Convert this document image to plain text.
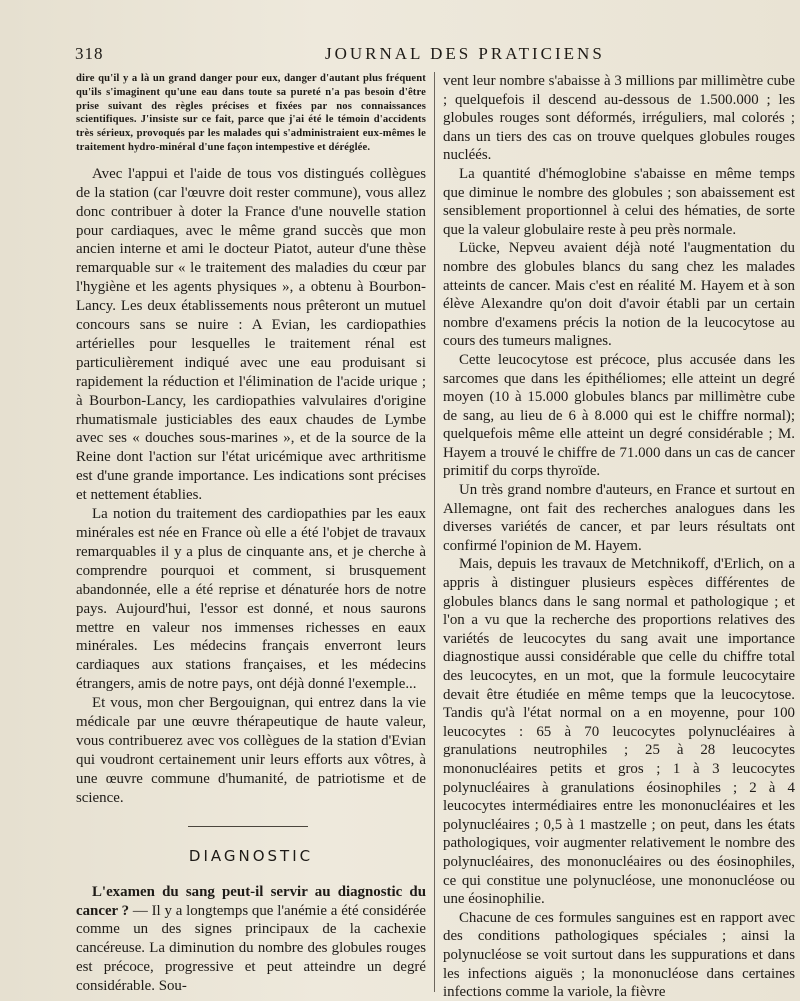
318	JOURNAL DES PRATICIENS

dire qu'il y a là un grand danger pour eux, danger d'autant plus fréquent qu'ils s'imaginent qu'une eau dans toute sa pureté n'a pas besoin d'être prise suivant des règles précises et fixées par nos connaissances scientifiques. J'insiste sur ce fait, parce que j'ai été le témoin d'accidents très sérieux, provoqués par les malades qui s'administraient eux-mêmes le traitement hydro-minéral d'une façon intempestive et déréglée.

Avec l'appui et l'aide de tous vos distingués collègues de la station (car l'œuvre doit rester commune), vous allez donc contribuer à doter la France d'une nouvelle station pour cardiaques, avec le même grand succès que mon ancien interne et ami le docteur Piatot, auteur d'une thèse remarquable sur « le traitement des maladies du cœur par l'hygiène et les agents physiques », a obtenu à Bourbon-Lancy. Les deux établissements nous prêteront un mutuel concours sans se nuire : A Evian, les cardiopathies artérielles pour lesquelles le traitement rénal est particulièrement indiqué avec une eau produisant si rapidement la réduction et l'élimination de l'acide urique ; à Bourbon-Lancy, les cardiopathies valvulaires d'origine rhumatismale justiciables des eaux chaudes de Lymbe avec ses « douches sous-marines », et de la source de la Reine dont l'action sur l'état uricémique avec arthritisme est d'une grande importance. Les indications sont précises et nettement établies.

La notion du traitement des cardiopathies par les eaux minérales est née en France où elle a été l'objet de travaux remarquables il y a plus de cinquante ans, et je cherche à comprendre pourquoi et comment, si brusquement abandonnée, elle a été reprise et dénaturée hors de notre pays. Aujourd'hui, l'essor est donné, et nous saurons mettre en valeur nos immenses richesses en eaux minérales. Les médecins français enverront leurs cardiaques aux stations françaises, et les médecins étrangers, amis de notre pays, ont déjà donné l'exemple...

Et vous, mon cher Bergouignan, qui entrez dans la vie médicale par une œuvre thérapeutique de haute valeur, vous contribuerez avec vos collègues de la station d'Evian qui voudront certainement unir leurs efforts aux vôtres, à une œuvre commune d'humanité, de patriotisme et de science.

DIAGNOSTIC

L'examen du sang peut-il servir au diagnostic du cancer ? — Il y a longtemps que l'anémie a été considérée comme un des signes principaux de la cachexie cancéreuse. La diminution du nombre des globules rouges est précoce, progressive et peut atteindre un degré considérable. Sou-

vent leur nombre s'abaisse à 3 millions par millimètre cube ; quelquefois il descend au-dessous de 1.500.000 ; les globules rouges sont déformés, irréguliers, mal colorés ; dans un tiers des cas on trouve quelques globules rouges nucléés.

La quantité d'hémoglobine s'abaisse en même temps que diminue le nombre des globules ; son abaissement est sensiblement proportionnel à celui des hématies, de sorte que la valeur globulaire reste à peu près normale.

Lücke, Nepveu avaient déjà noté l'augmentation du nombre des globules blancs du sang chez les malades atteints de cancer. Mais c'est en réalité M. Hayem et à son élève Alexandre qu'on doit d'avoir établi par un certain nombre d'examens précis la notion de la leucocytose au cours des tumeurs malignes.

Cette leucocytose est précoce, plus accusée dans les sarcomes que dans les épithéliomes; elle atteint un degré moyen (10 à 15.000 globules blancs par millimètre cube de sang, au lieu de 6 à 8.000 qui est le chiffre normal); quelquefois même elle atteint un degré considérable ; M. Hayem a trouvé le chiffre de 71.000 dans un cas de cancer primitif du corps thyroïde.

Un très grand nombre d'auteurs, en France et surtout en Allemagne, ont fait des recherches analogues dans les diverses variétés de cancer, et par leurs résultats ont confirmé l'opinion de M. Hayem.

Mais, depuis les travaux de Metchnikoff, d'Erlich, on a appris à distinguer plusieurs espèces différentes de globules blancs dans le sang normal et pathologique ; et l'on a vu que la recherche des proportions relatives des variétés de leucocytes du sang avait une importance diagnostique aussi considérable que celle du chiffre total des leucocytes, en un mot, que la formule leucocytaire devait être étudiée en même temps que la leucocytose. Tandis qu'à l'état normal on a en moyenne, pour 100 leucocytes : 65 à 70 leucocytes polynucléaires à granulations neutrophiles ; 25 à 28 leucocytes mononucléaires petits et gros ; 1 à 3 leucocytes polynucléaires à granulations éosinophiles ; 2 à 4 leucocytes intermédiaires entre les mononucléaires et les polynucléaires ; 0,5 à 1 mastzelle ; on peut, dans les états pathologiques, voir augmenter relativement le nombre des polynucléaires, des mononucléaires ou des éosinophiles, ce qui constitue une polynucléose, une mononucléose ou une éosinophilie.

Chacune de ces formules sanguines est en rapport avec des conditions pathologiques spéciales ; ainsi la polynucléose se voit surtout dans les suppurations et dans les infections aiguës ; la mononucléose dans certaines infections comme la variole, la fièvre
